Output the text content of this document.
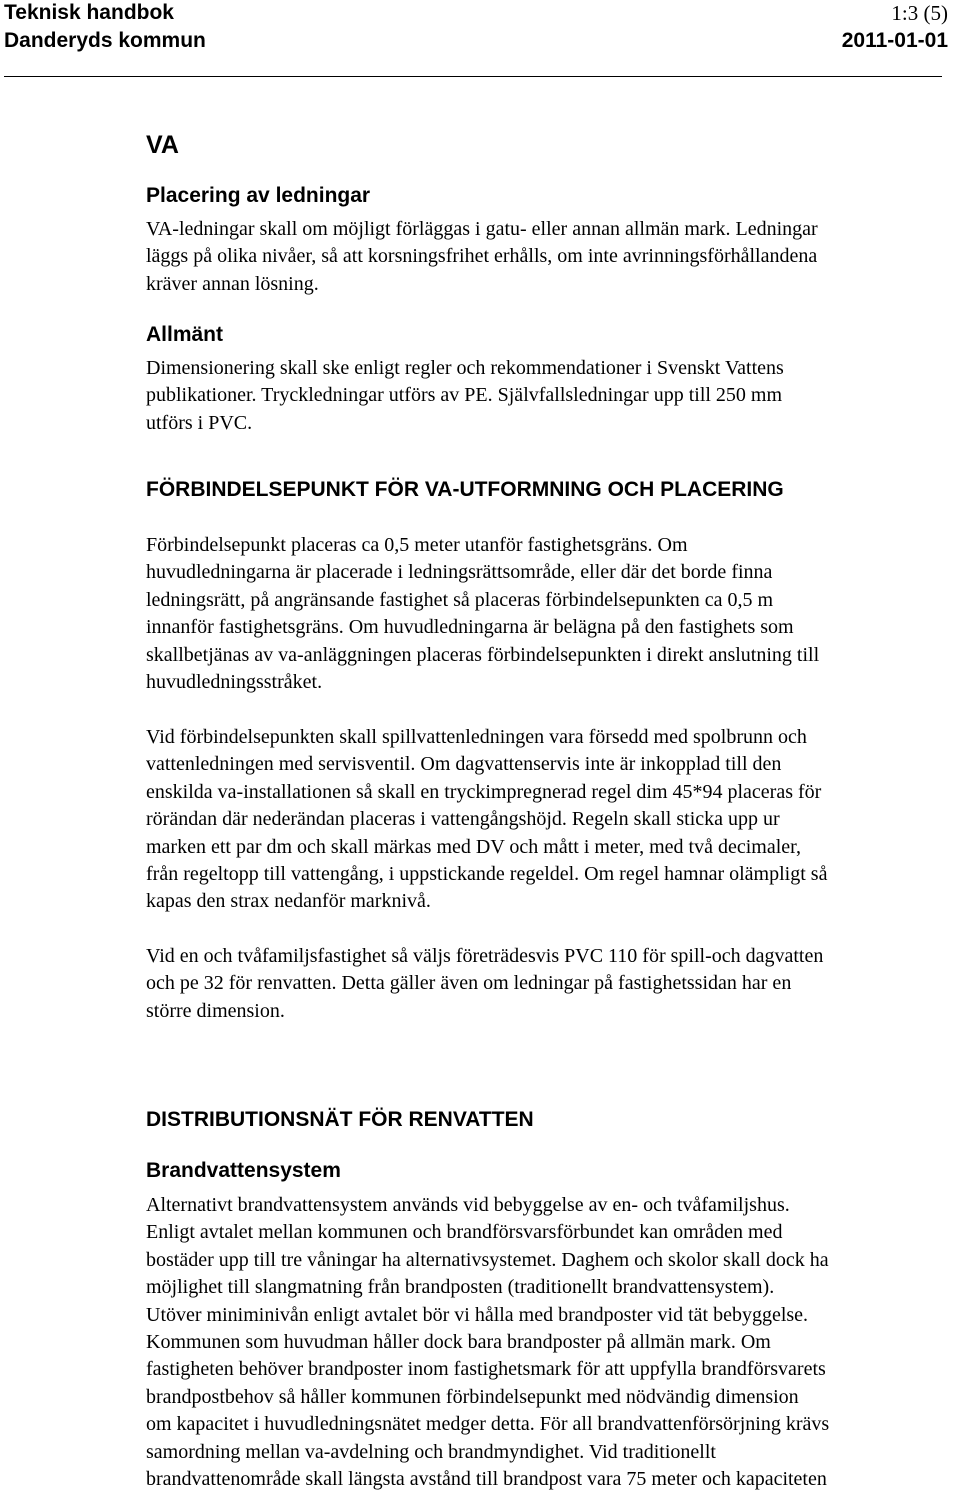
Teknisk handbok	1:3 (5)
Danderyds kommun	2011-01-01
VA
Placering av ledningar
VA-ledningar skall om möjligt förläggas i gatu- eller annan allmän mark. Ledningar
läggs på olika nivåer, så att korsningsfrihet erhålls, om inte avrinningsförhållandena
kräver annan lösning.
Allmänt
Dimensionering skall ske enligt regler och rekommendationer i Svenskt Vattens
publikationer. Tryckledningar utförs av PE. Självfallsledningar upp till 250 mm
utförs i PVC.
FÖRBINDELSEPUNKT FÖR VA-UTFORMNING OCH PLACERING
Förbindelsepunkt placeras ca 0,5 meter utanför fastighetsgräns. Om
huvudledningarna är placerade i ledningsrättsområde, eller där det borde finna
ledningsrätt, på angränsande fastighet så placeras förbindelsepunkten ca 0,5 m
innanför fastighetsgräns. Om huvudledningarna är belägna på den fastighets som
skallbetjänas av va-anläggningen placeras förbindelsepunkten i direkt anslutning till
huvudledningsstråket.
Vid förbindelsepunkten skall spillvattenledningen vara försedd med spolbrunn och
vattenledningen med servisventil. Om dagvattenservis inte är inkopplad till den
enskilda va-installationen så skall en tryckimpregnerad regel dim 45*94 placeras för
rörändan där nederändan placeras i vattengångshöjd. Regeln skall sticka upp ur
marken ett par dm och skall märkas med DV och mått i meter, med två decimaler,
från regeltopp till vattengång, i uppstickande regeldel. Om regel hamnar olämpligt så
kapas den strax nedanför marknivå.
Vid en och tvåfamiljsfastighet så väljs företrädesvis PVC 110 för spill-och dagvatten
och pe 32 för renvatten. Detta gäller även om ledningar på fastighetssidan har en
större dimension.
DISTRIBUTIONSNÄT FÖR RENVATTEN
Brandvattensystem
Alternativt brandvattensystem används vid bebyggelse av en- och tvåfamiljshus.
Enligt avtalet mellan kommunen och brandförsvarsförbundet kan områden med
bostäder upp till tre våningar ha alternativsystemet. Daghem och skolor skall dock ha
möjlighet till slangmatning från brandposten (traditionellt brandvattensystem).
Utöver miniminivån enligt avtalet bör vi hålla med brandposter vid tät bebyggelse.
Kommunen som huvudman håller dock bara brandposter på allmän mark. Om
fastigheten behöver brandposter inom fastighetsmark för att uppfylla brandförsvarets
brandpostbehov så håller kommunen förbindelsepunkt med nödvändig dimension
om kapacitet i huvudledningsnätet medger detta. För all brandvattenförsörjning krävs
samordning mellan va-avdelning och brandmyndighet. Vid traditionellt
brandvattenområde skall längsta avstånd till brandpost vara 75 meter och kapaciteten
